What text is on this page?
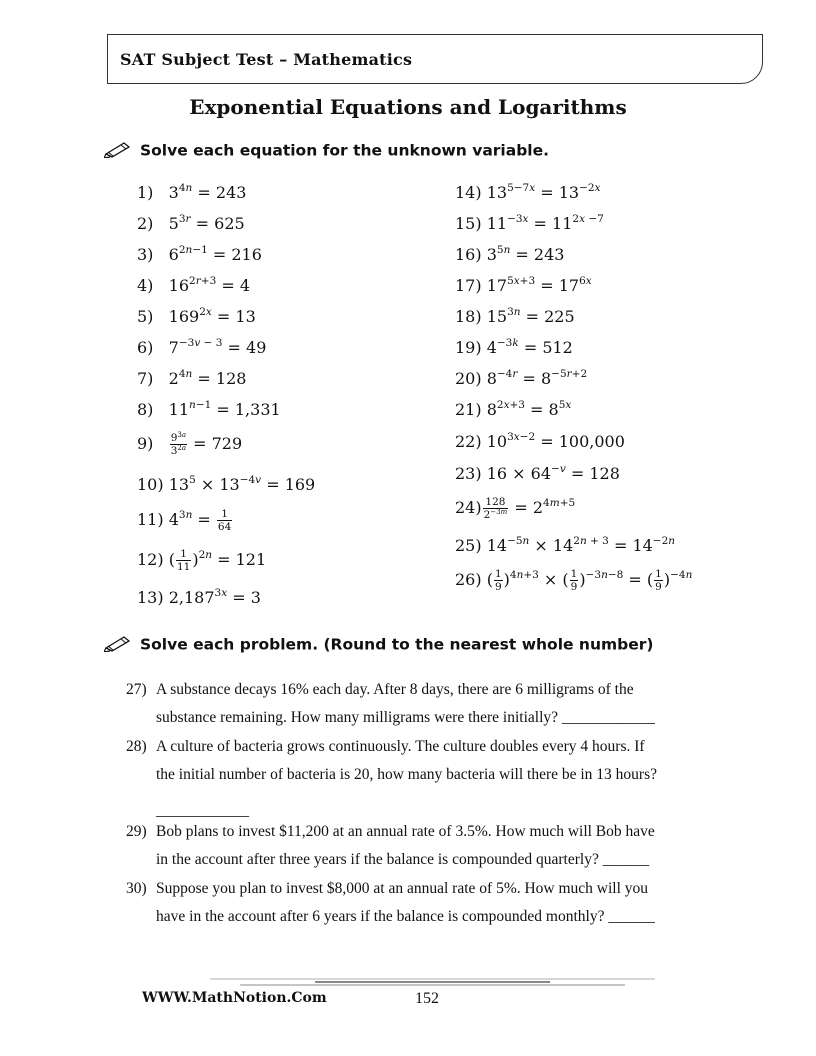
SAT Subject Test – Mathematics
Exponential Equations and Logarithms
Solve each equation for the unknown variable.
1)   $3^{4n} = 243$
2)   $5^{3r} = 625$
3)   $6^{2n-1} = 216$
4)   $16^{2r+3} = 4$
5)   $169^{2x} = 13$
6)   $7^{-3v - 3} = 49$
7)   $2^{4n} = 128$
8)   $11^{n-1} = 1,331$
$9) \frac{9^{3a}}{3^{2a}} = 729$
10) $13^5 \times 13^{-4v} = 169$
11) $4^{3n} = \frac{1}{64}$
12) ( $\frac{1}{11} )^{2n} = 121$
13) $2,187^{3x} = 3$
14) $13^{5-7x} = 13^{-2x}$
15) $11^{-3x} = 11^{2x -7}$
16) $3^{5n} = 243$
17) $17^{5x+3} = 17^{6x}$
18) $15^{3n} = 225$
19) $4^{-3k} = 512$
20) $8^{-4r} = 8^{-5r+2}$
21) $8^{2x+3} = 8^{5x}$
22) $10^{3x-2} = 100,000$
23) $16 \times 64^{-v} = 128$
$24) \frac{128}{2^{-3m}} = 2^{4m+5}$
25) $14^{-5n} \times 14^{2n + 3} = 14^{-2n}$
26) ( $\frac{1}{9} )^{4n+3}$ × ( $\frac{1}{9} )^{-3n-8}$ = ( $\frac{1}{9} )^{-4n}$
Solve each problem. (Round to the nearest whole number)
27) A substance decays 16% each day. After 8 days, there are 6 milligrams of the
substance remaining. How many milligrams were there initially? ____________
28) A culture of bacteria grows continuously. The culture doubles every 4 hours. If
the initial number of bacteria is 20, how many bacteria will there be in 13 hours?
____________
29) Bob plans to invest $11,200 at an annual rate of 3.5%. How much will Bob have
in the account after three years if the balance is compounded quarterly? ______
30) Suppose you plan to invest $8,000 at an annual rate of 5%. How much will you
have in the account after 6 years if the balance is compounded monthly? ______
WWW.MathNotion.Com	152
